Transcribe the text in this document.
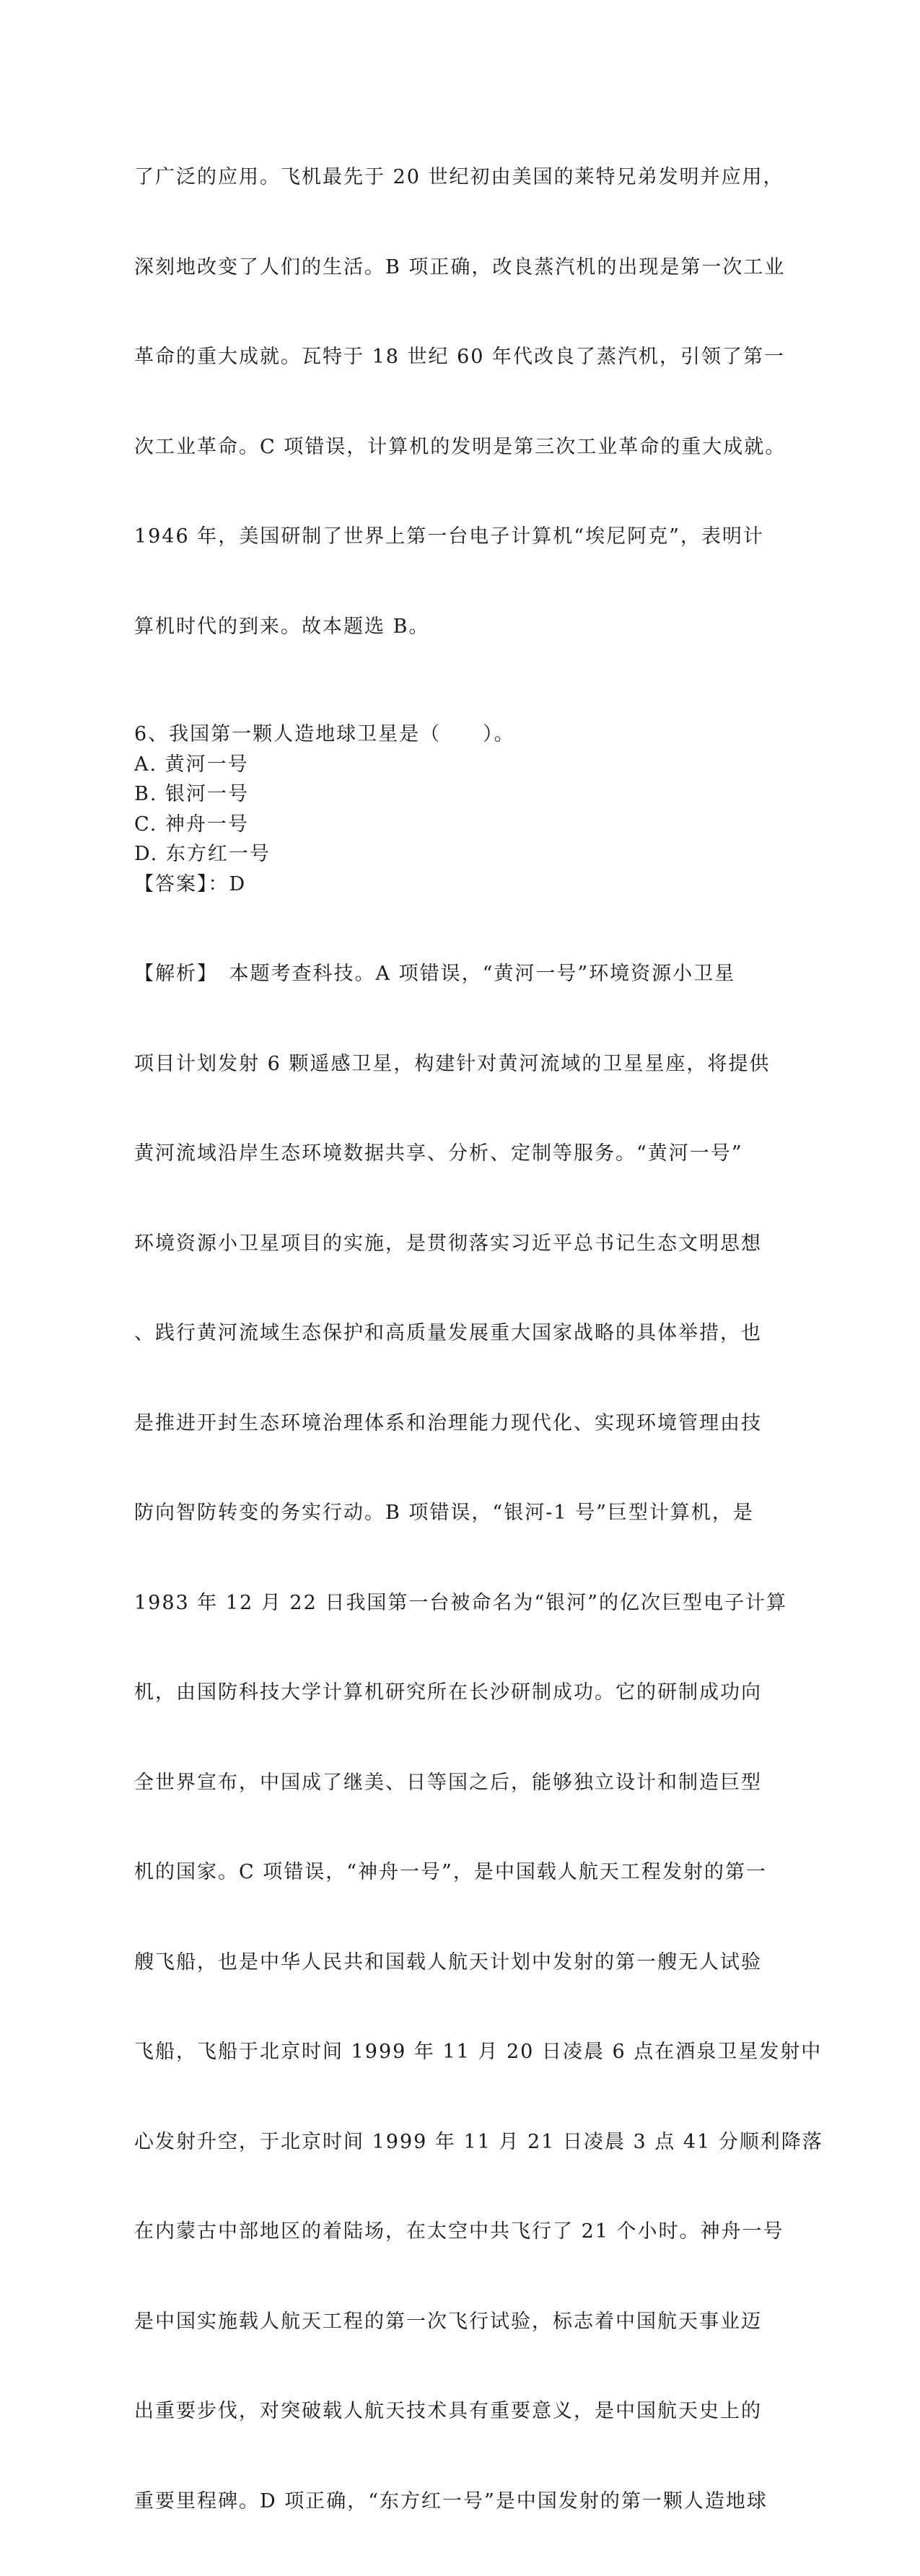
了广泛的应用。飞机最先于 20 世纪初由美国的莱特兄弟发明并应用，

深刻地改变了人们的生活。B 项正确，改良蒸汽机的出现是第一次工业

革命的重大成就。瓦特于 18 世纪 60 年代改良了蒸汽机，引领了第一

次工业革命。C 项错误，计算机的发明是第三次工业革命的重大成就。

1946 年，美国研制了世界上第一台电子计算机“埃尼阿克”，表明计

算机时代的到来。故本题选 B。

6、我国第一颗人造地球卫星是（　　）。
A. 黄河一号
B. 银河一号
C. 神舟一号
D. 东方红一号
【答案】：D

【解析】　本题考查科技。A 项错误，“黄河一号”环境资源小卫星

项目计划发射 6 颗遥感卫星，构建针对黄河流域的卫星星座，将提供

黄河流域沿岸生态环境数据共享、分析、定制等服务。“黄河一号”

环境资源小卫星项目的实施，是贯彻落实习近平总书记生态文明思想

、践行黄河流域生态保护和高质量发展重大国家战略的具体举措，也

是推进开封生态环境治理体系和治理能力现代化、实现环境管理由技

防向智防转变的务实行动。B 项错误，“银河-1 号”巨型计算机，是

1983 年 12 月 22 日我国第一台被命名为“银河”的亿次巨型电子计算

机，由国防科技大学计算机研究所在长沙研制成功。它的研制成功向

全世界宣布，中国成了继美、日等国之后，能够独立设计和制造巨型

机的国家。C 项错误，“神舟一号”，是中国载人航天工程发射的第一

艘飞船，也是中华人民共和国载人航天计划中发射的第一艘无人试验

飞船，飞船于北京时间 1999 年 11 月 20 日凌晨 6 点在酒泉卫星发射中

心发射升空，于北京时间 1999 年 11 月 21 日凌晨 3 点 41 分顺利降落

在内蒙古中部地区的着陆场，在太空中共飞行了 21 个小时。神舟一号

是中国实施载人航天工程的第一次飞行试验，标志着中国航天事业迈

出重要步伐，对突破载人航天技术具有重要意义，是中国航天史上的

重要里程碑。D 项正确，“东方红一号”是中国发射的第一颗人造地球
